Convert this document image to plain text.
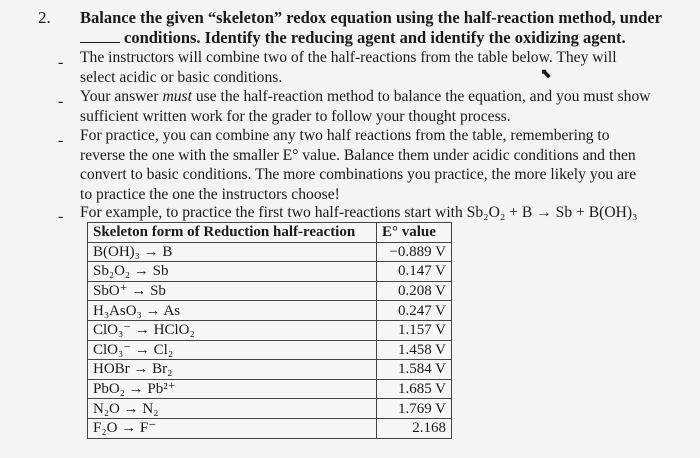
2. Balance the given “skeleton” redox equation using the half-reaction method, under
conditions. Identify the reducing agent and identify the oxidizing agent.
- The instructors will combine two of the half-reactions from the table below. They will
select acidic or basic conditions.	⬉
- Your answer must use the half-reaction method to balance the equation, and you must show
sufficient written work for the grader to follow your thought process.
- For practice, you can combine any two half reactions from the table, remembering to
reverse the one with the smaller E° value. Balance them under acidic conditions and then
convert to basic conditions. The more combinations you practice, the more likely you are
to practice the one the instructors choose!
- For example, to practice the first two half-reactions start with Sb₂O₂ + B → Sb + B(OH)₃
Skeleton form of Reduction half-reaction	E° value
B(OH)₃ → B	−0.889 V
Sb₂O₂ → Sb	0.147 V
SbO⁺ → Sb	0.208 V
H₃AsO₃ → As	0.247 V
ClO₃⁻ → HClO₂	1.157 V
ClO₃⁻ → Cl₂	1.458 V
HOBr → Br₂	1.584 V
PbO₂ → Pb²⁺	1.685 V
N₂O → N₂	1.769 V
F₂O → F⁻	2.168
